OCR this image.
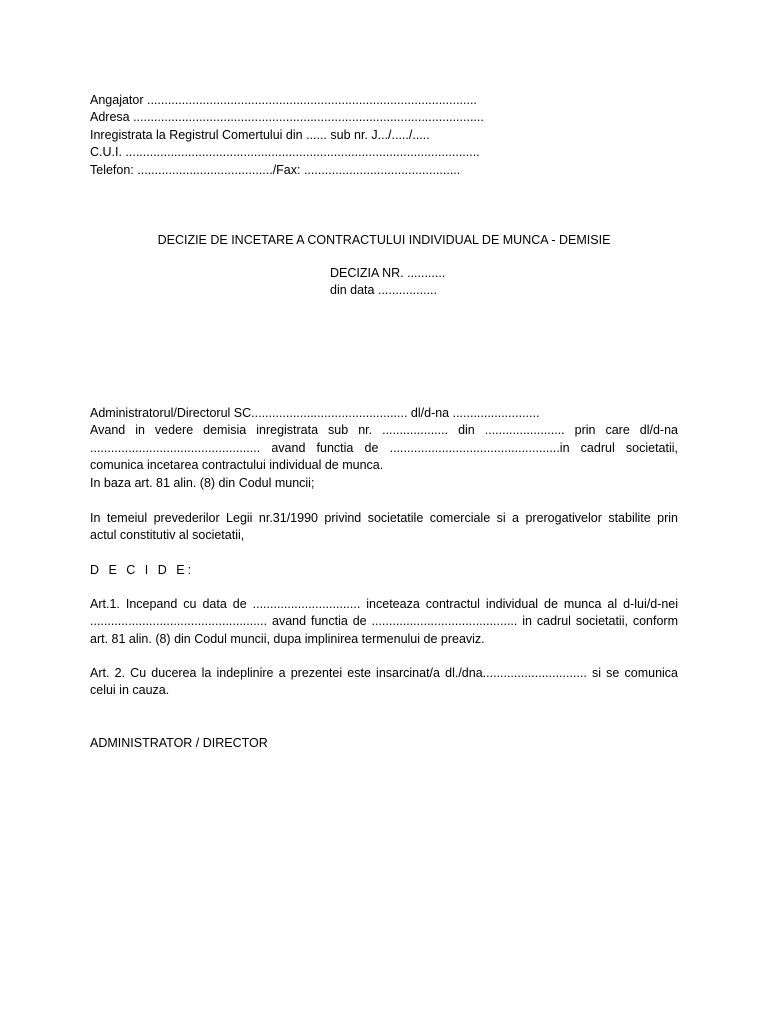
Angajator ...............................................................................................
Adresa .....................................................................................................
Inregistrata la Registrul Comertului din ...... sub nr. J.../...../.....
C.U.I. ......................................................................................................
Telefon: ......................................./Fax: .............................................
DECIZIE DE INCETARE A CONTRACTULUI INDIVIDUAL DE MUNCA - DEMISIE
DECIZIA NR. ...........
din data .................
Administratorul/Directorul SC............................................. dl/d-na .........................
Avand in vedere demisia inregistrata sub nr. ................... din ....................... prin care dl/d-na
................................................. avand functia de .................................................in cadrul societatii,
comunica incetarea contractului individual de munca.
In baza art. 81 alin. (8) din Codul muncii;
In temeiul prevederilor Legii nr.31/1990 privind societatile comerciale si a prerogativelor stabilite prin
actul constitutiv al societatii,
D E C I D E:
Art.1. Incepand cu data de ............................... inceteaza contractul individual de munca al d-lui/d-nei
................................................... avand functia de .......................................... in cadrul societatii, conform
art. 81 alin. (8) din Codul muncii, dupa implinirea termenului de preaviz.
Art. 2. Cu ducerea la indeplinire a prezentei este insarcinat/a dl./dna.............................. si se comunica
celui in cauza.
ADMINISTRATOR / DIRECTOR
